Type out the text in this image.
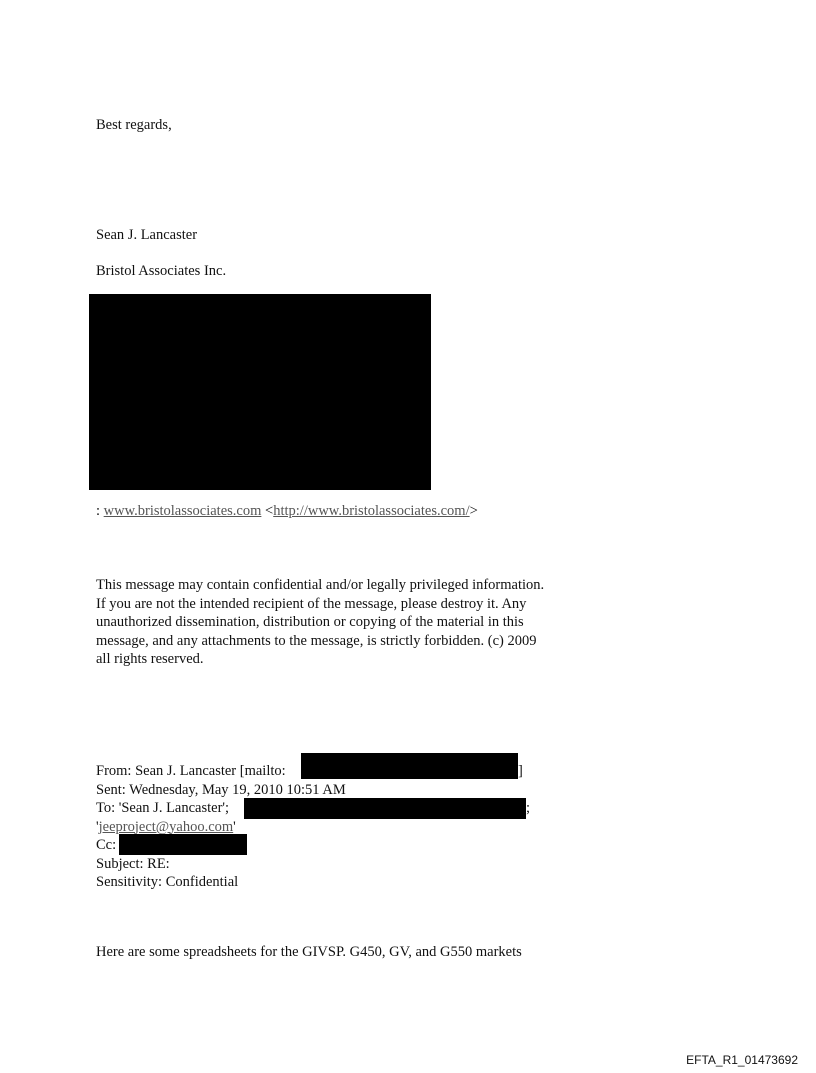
Best regards,
Sean J. Lancaster
Bristol Associates Inc.
: www.bristolassociates.com <http://www.bristolassociates.com/>
This message may contain confidential and/or legally privileged information.
If you are not the intended recipient of the message, please destroy it. Any
unauthorized dissemination, distribution or copying of the material in this
message, and any attachments to the message, is strictly forbidden. (c) 2009
all rights reserved.
From: Sean J. Lancaster [mailto:	]
Sent: Wednesday, May 19, 2010 10:51 AM
To: 'Sean J. Lancaster';	;
'jeeproject@yahoo.com'
Cc:
Subject: RE:
Sensitivity: Confidential
Here are some spreadsheets for the GIVSP. G450, GV, and G550 markets
EFTA_R1_01473692
